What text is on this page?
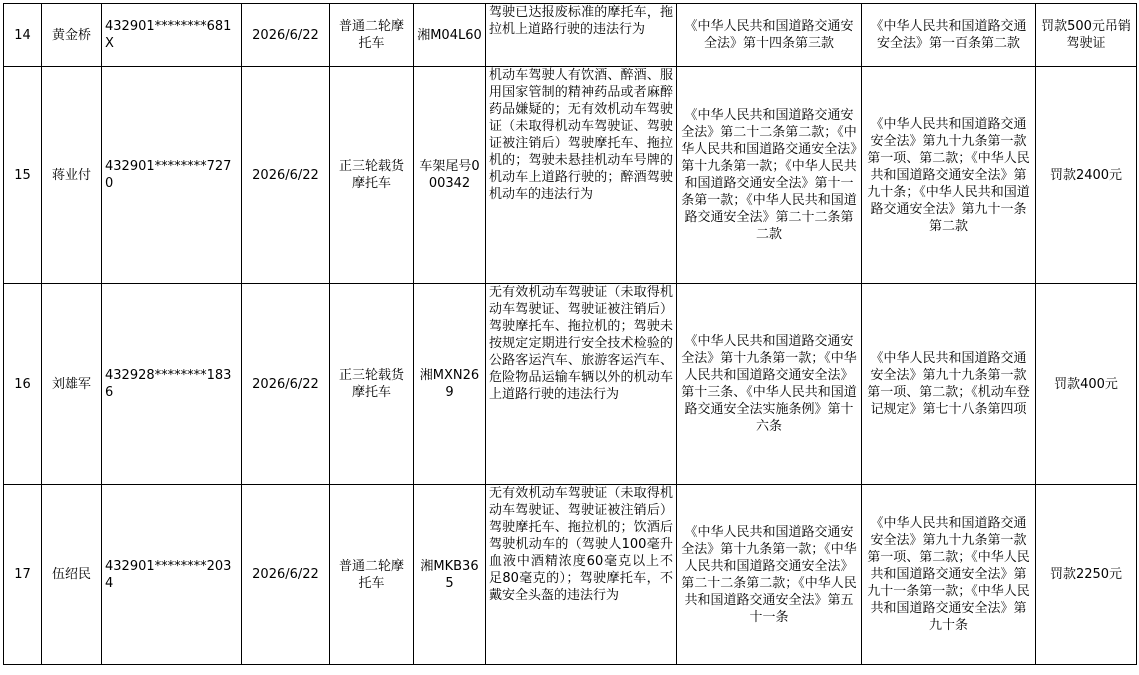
14	黄金桥	432901********681X	2026/6/22	普通二轮摩托车	湘M04L60	驾驶已达报废标准的摩托车，拖拉机上道路行驶的违法行为	《中华人民共和国道路交通安全法》第十四条第三款	《中华人民共和国道路交通安全法》第一百条第二款	罚款500元吊销驾驶证
15	蒋业付	432901********7270	2026/6/22	正三轮载货摩托车	车架尾号000342	机动车驾驶人有饮酒、醉酒、服用国家管制的精神药品或者麻醉药品嫌疑的；无有效机动车驾驶证（未取得机动车驾驶证、驾驶证被注销后）驾驶摩托车、拖拉机的；驾驶未悬挂机动车号牌的机动车上道路行驶的；醉酒驾驶机动车的违法行为	《中华人民共和国道路交通安全法》第二十二条第二款；《中华人民共和国道路交通安全法》第十九条第一款；《中华人民共和国道路交通安全法》第十一条第一款；《中华人民共和国道路交通安全法》第二十二条第二款	《中华人民共和国道路交通安全法》第九十九条第一款第一项、第二款；《中华人民共和国道路交通安全法》第九十条；《中华人民共和国道路交通安全法》第九十一条第二款	罚款2400元
16	刘雄军	432928********1836	2026/6/22	正三轮载货摩托车	湘MXN269	无有效机动车驾驶证（未取得机动车驾驶证、驾驶证被注销后）驾驶摩托车、拖拉机的；驾驶未按规定定期进行安全技术检验的公路客运汽车、旅游客运汽车、危险物品运输车辆以外的机动车上道路行驶的违法行为	《中华人民共和国道路交通安全法》第十九条第一款；《中华人民共和国道路交通安全法》第十三条、《中华人民共和国道路交通安全法实施条例》第十六条	《中华人民共和国道路交通安全法》第九十九条第一款第一项、第二款；《机动车登记规定》第七十八条第四项	罚款400元
17	伍绍民	432901********2034	2026/6/22	普通二轮摩托车	湘MKB365	无有效机动车驾驶证（未取得机动车驾驶证、驾驶证被注销后）驾驶摩托车、拖拉机的；饮酒后驾驶机动车的（驾驶人100毫升血液中酒精浓度60毫克以上不足80毫克的）；驾驶摩托车，不戴安全头盔的违法行为	《中华人民共和国道路交通安全法》第十九条第一款；《中华人民共和国道路交通安全法》第二十二条第二款；《中华人民共和国道路交通安全法》第五十一条	《中华人民共和国道路交通安全法》第九十九条第一款第一项、第二款；《中华人民共和国道路交通安全法》第九十一条第一款；《中华人民共和国道路交通安全法》第九十条	罚款2250元
